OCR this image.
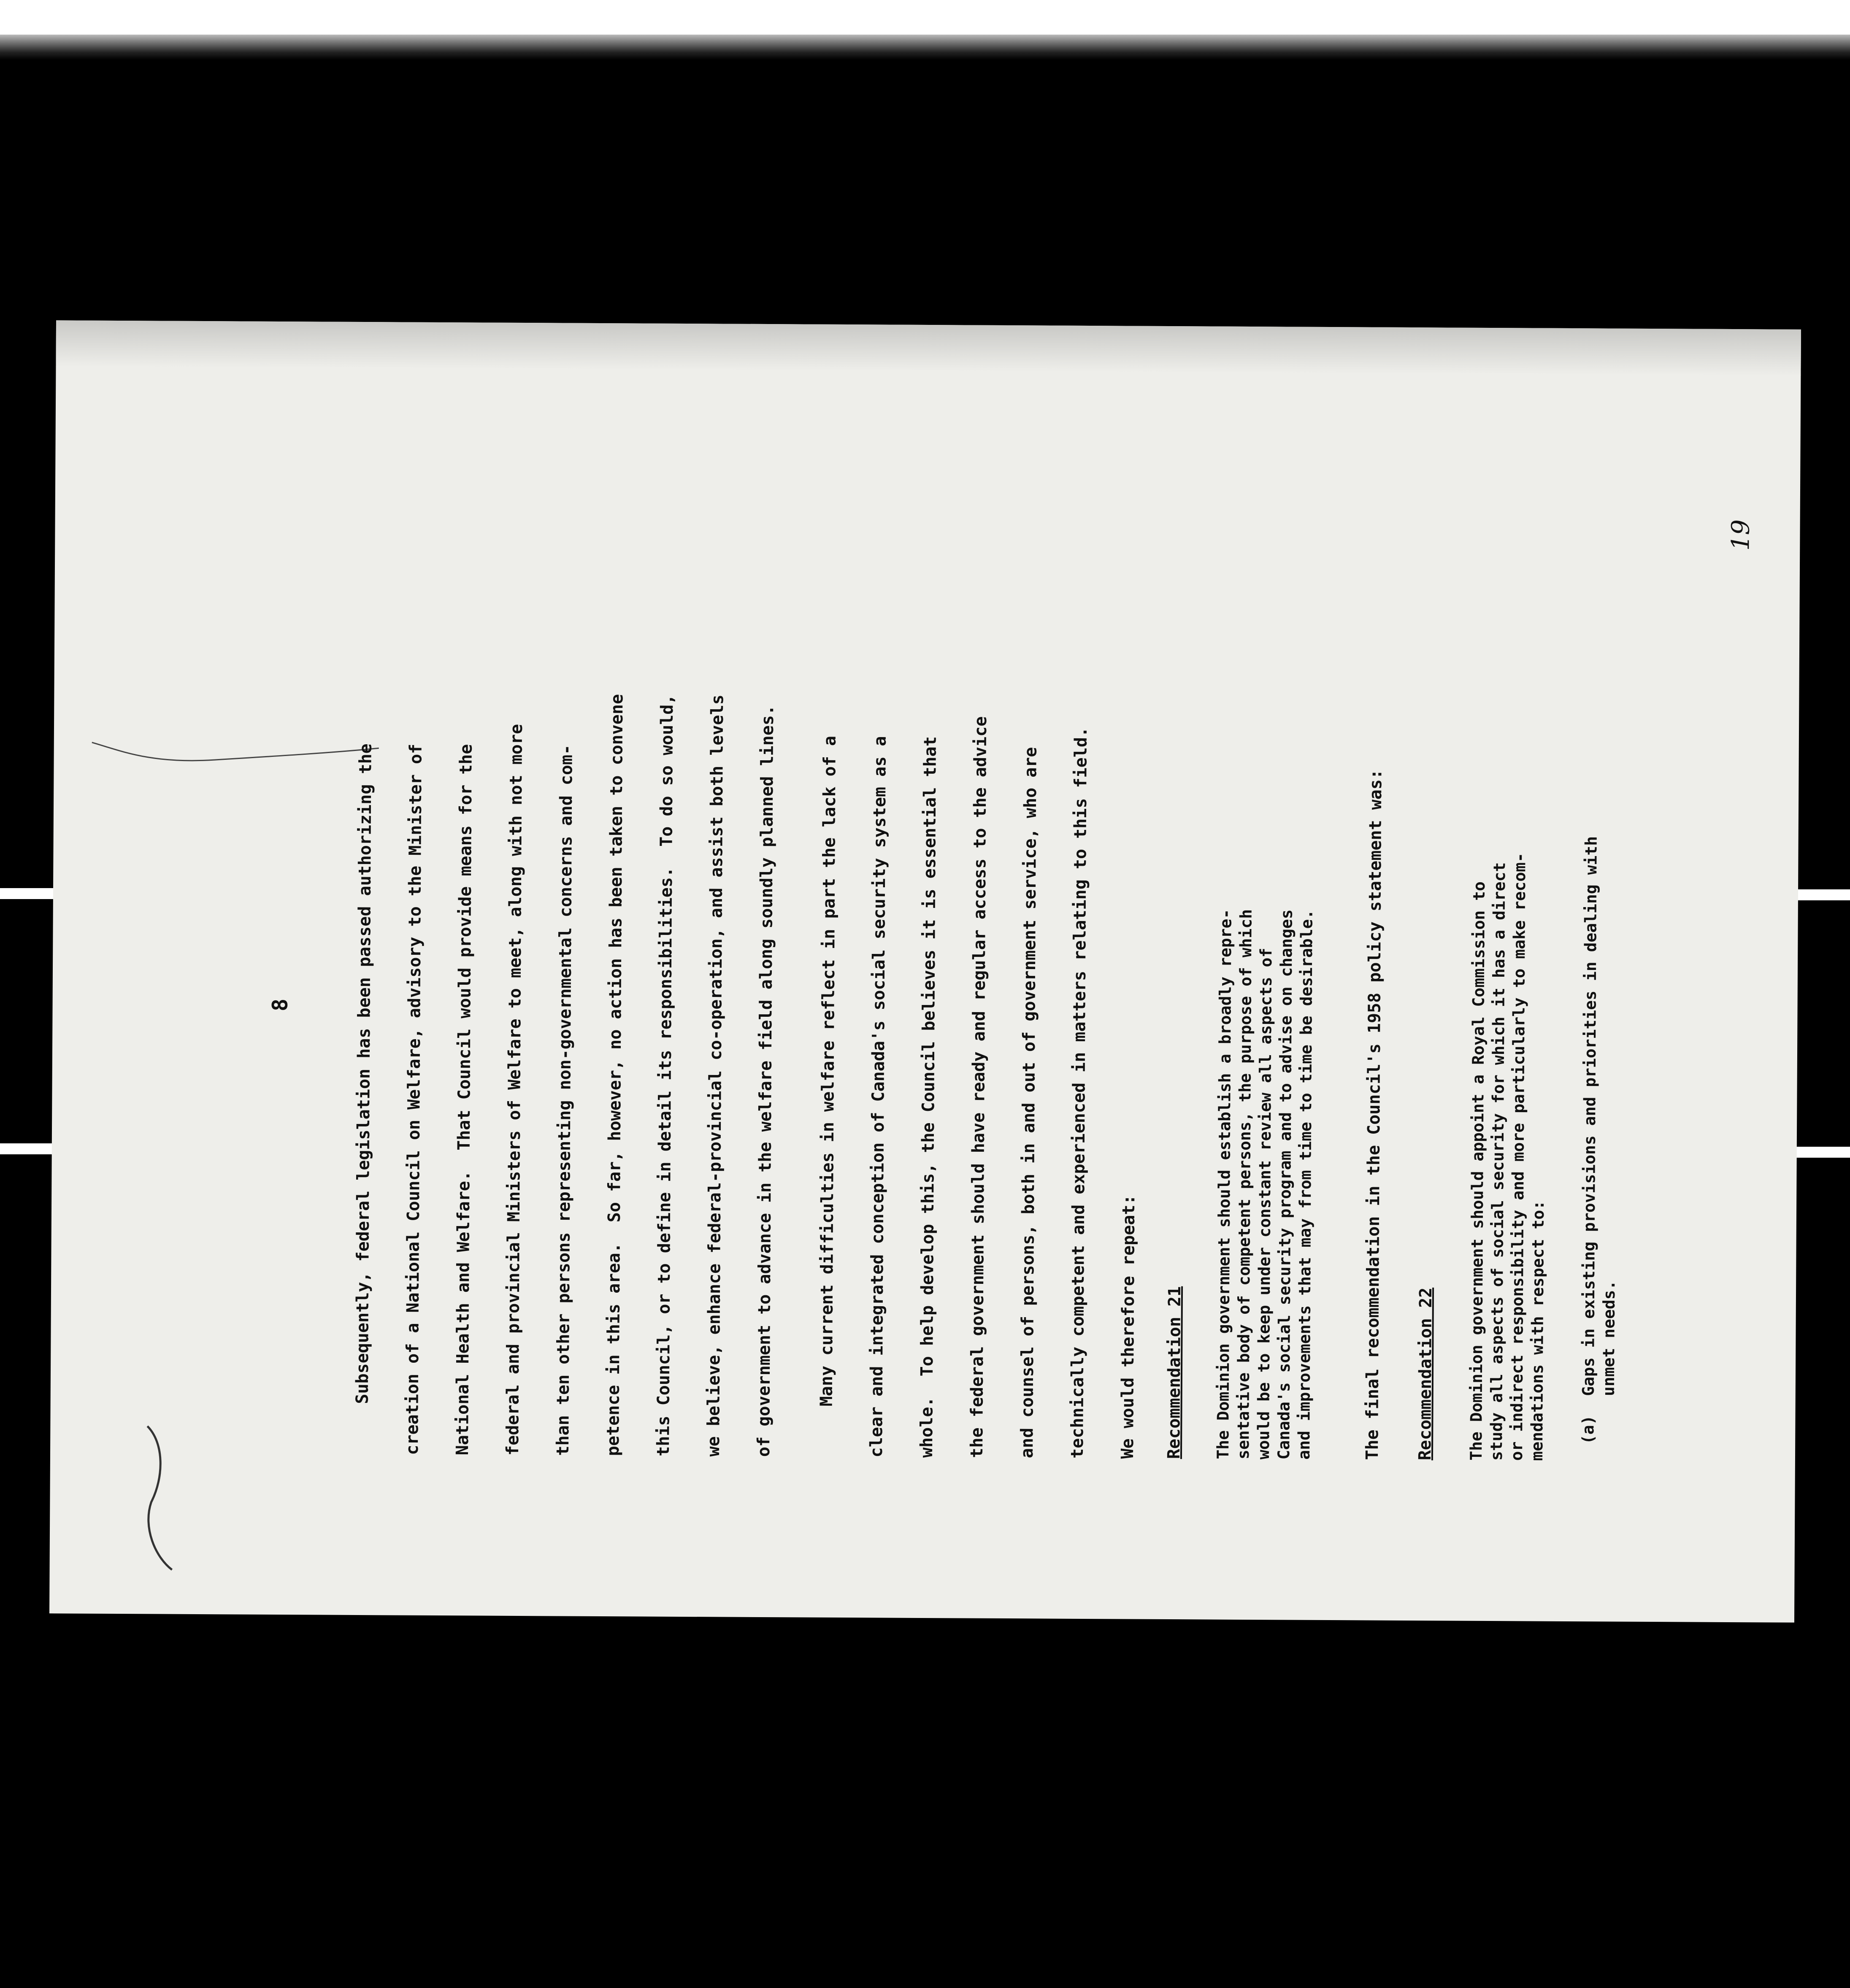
8	Subsequently, federal legislation has been passed authorizing the
creation of a National Council on Welfare, advisory to the Minister of
National Health and Welfare.  That Council would provide means for the
federal and provincial Ministers of Welfare to meet, along with not more
than ten other persons representing non-governmental concerns and com-
petence in this area.  So far, however, no action has been taken to convene
this Council, or to define in detail its responsibilities.  To do so would,
we believe, enhance federal-provincial co-operation, and assist both levels
of government to advance in the welfare field along soundly planned lines.	Many current difficulties in welfare reflect in part the lack of a
clear and integrated conception of Canada's social security system as a
whole.  To help develop this, the Council believes it is essential that
the federal government should have ready and regular access to the advice
and counsel of persons, both in and out of government service, who are
technically competent and experienced in matters relating to this field.
We would therefore repeat:	Recommendation 21 The Dominion government should establish a broadly repre-
sentative body of competent persons, the purpose of which
would be to keep under constant review all aspects of
Canada's social security program and to advise on changes
and improvements that may from time to time be desirable.	The final recommendation in the Council's 1958 policy statement was: Recommendation 22 The Dominion government should appoint a Royal Commission to
study all aspects of social security for which it has a direct
or indirect responsibility and more particularly to make recom-
mendations with respect to: (a)  Gaps in existing provisions and priorities in dealing with
unmet needs.
19
